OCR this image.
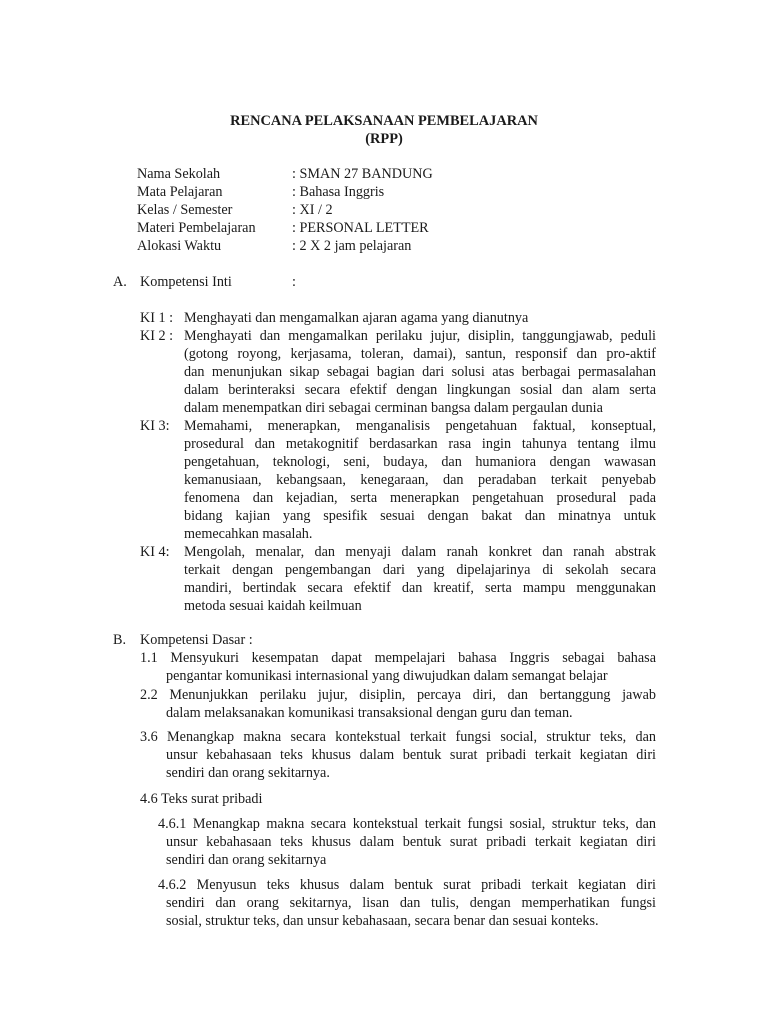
RENCANA PELAKSANAAN PEMBELAJARAN
(RPP)
Nama Sekolah	: SMAN 27 BANDUNG
Mata Pelajaran	: Bahasa Inggris
Kelas / Semester	: XI / 2
Materi Pembelajaran	: PERSONAL LETTER
Alokasi Waktu	: 2 X 2 jam pelajaran
A. Kompetensi Inti	:
KI 1 : Menghayati dan mengamalkan ajaran agama yang dianutnya
KI 2 : Menghayati dan mengamalkan perilaku jujur, disiplin, tanggungjawab, peduli
(gotong royong, kerjasama, toleran, damai), santun, responsif dan pro-aktif
dan menunjukan sikap sebagai bagian dari solusi atas berbagai permasalahan
dalam berinteraksi secara efektif dengan lingkungan sosial dan alam serta
dalam menempatkan diri sebagai cerminan bangsa dalam pergaulan dunia
KI 3: Memahami, menerapkan, menganalisis pengetahuan faktual, konseptual,
prosedural dan metakognitif berdasarkan rasa ingin tahunya tentang ilmu
pengetahuan, teknologi, seni, budaya, dan humaniora dengan wawasan
kemanusiaan, kebangsaan, kenegaraan, dan peradaban terkait penyebab
fenomena dan kejadian, serta menerapkan pengetahuan prosedural pada
bidang kajian yang spesifik sesuai dengan bakat dan minatnya untuk
memecahkan masalah.
KI 4: Mengolah, menalar, dan menyaji dalam ranah konkret dan ranah abstrak
terkait dengan pengembangan dari yang dipelajarinya di sekolah secara
mandiri, bertindak secara efektif dan kreatif, serta mampu menggunakan
metoda sesuai kaidah keilmuan
B. Kompetensi Dasar :
1.1 Mensyukuri kesempatan dapat mempelajari bahasa Inggris sebagai bahasa
pengantar komunikasi internasional yang diwujudkan dalam semangat belajar
2.2 Menunjukkan perilaku jujur, disiplin, percaya diri, dan bertanggung jawab
dalam melaksanakan komunikasi transaksional dengan guru dan teman.
3.6 Menangkap makna secara kontekstual terkait fungsi social, struktur teks, dan
unsur kebahasaan teks khusus dalam bentuk surat pribadi terkait kegiatan diri
sendiri dan orang sekitarnya.
4.6 Teks surat pribadi
4.6.1 Menangkap makna secara kontekstual terkait fungsi sosial, struktur teks, dan
unsur kebahasaan teks khusus dalam bentuk surat pribadi terkait kegiatan diri
sendiri dan orang sekitarnya
4.6.2 Menyusun teks khusus dalam bentuk surat pribadi terkait kegiatan diri
sendiri dan orang sekitarnya, lisan dan tulis, dengan memperhatikan fungsi
sosial, struktur teks, dan unsur kebahasaan, secara benar dan sesuai konteks.
